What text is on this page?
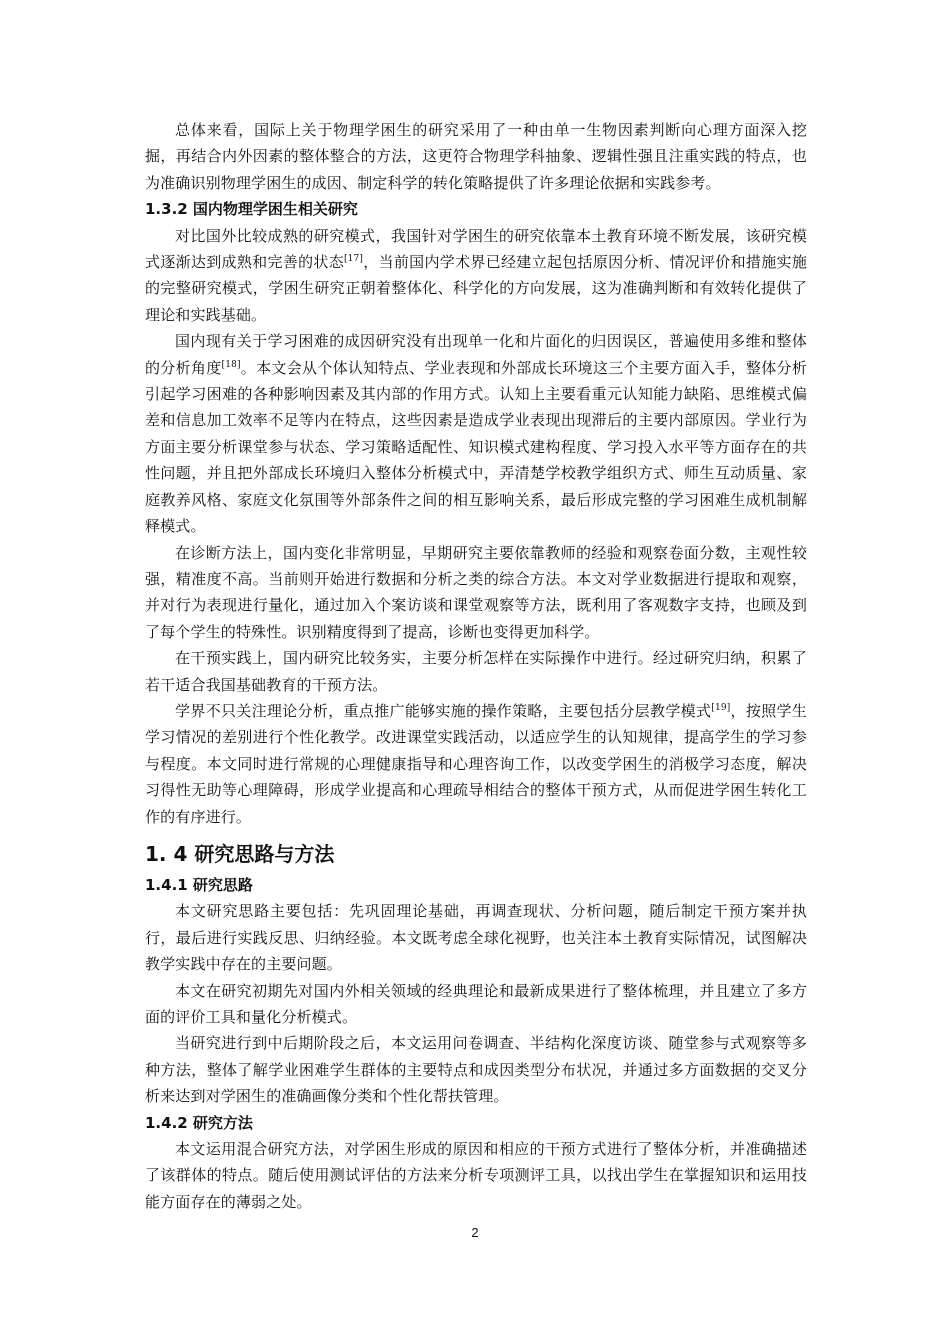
总体来看，国际上关于物理学困生的研究采用了一种由单一生物因素判断向心理方面深入挖掘，再结合内外因素的整体整合的方法，这更符合物理学科抽象、逻辑性强且注重实践的特点，也为准确识别物理学困生的成因、制定科学的转化策略提供了许多理论依据和实践参考。

1.3.2 国内物理学困生相关研究

对比国外比较成熟的研究模式，我国针对学困生的研究依靠本土教育环境不断发展，该研究模式逐渐达到成熟和完善的状态[17]，当前国内学术界已经建立起包括原因分析、情况评价和措施实施的完整研究模式，学困生研究正朝着整体化、科学化的方向发展，这为准确判断和有效转化提供了理论和实践基础。

国内现有关于学习困难的成因研究没有出现单一化和片面化的归因误区，普遍使用多维和整体的分析角度[18]。本文会从个体认知特点、学业表现和外部成长环境这三个主要方面入手，整体分析引起学习困难的各种影响因素及其内部的作用方式。认知上主要看重元认知能力缺陷、思维模式偏差和信息加工效率不足等内在特点，这些因素是造成学业表现出现滞后的主要内部原因。学业行为方面主要分析课堂参与状态、学习策略适配性、知识模式建构程度、学习投入水平等方面存在的共性问题，并且把外部成长环境归入整体分析模式中，弄清楚学校教学组织方式、师生互动质量、家庭教养风格、家庭文化氛围等外部条件之间的相互影响关系，最后形成完整的学习困难生成机制解释模式。

在诊断方法上，国内变化非常明显，早期研究主要依靠教师的经验和观察卷面分数，主观性较强，精准度不高。当前则开始进行数据和分析之类的综合方法。本文对学业数据进行提取和观察，并对行为表现进行量化，通过加入个案访谈和课堂观察等方法，既利用了客观数字支持，也顾及到了每个学生的特殊性。识别精度得到了提高，诊断也变得更加科学。

在干预实践上，国内研究比较务实，主要分析怎样在实际操作中进行。经过研究归纳，积累了若干适合我国基础教育的干预方法。

学界不只关注理论分析，重点推广能够实施的操作策略，主要包括分层教学模式[19]，按照学生学习情况的差别进行个性化教学。改进课堂实践活动，以适应学生的认知规律，提高学生的学习参与程度。本文同时进行常规的心理健康指导和心理咨询工作，以改变学困生的消极学习态度，解决习得性无助等心理障碍，形成学业提高和心理疏导相结合的整体干预方式，从而促进学困生转化工作的有序进行。

1. 4 研究思路与方法
1.4.1 研究思路

本文研究思路主要包括：先巩固理论基础，再调查现状、分析问题，随后制定干预方案并执行，最后进行实践反思、归纳经验。本文既考虑全球化视野，也关注本土教育实际情况，试图解决教学实践中存在的主要问题。

本文在研究初期先对国内外相关领域的经典理论和最新成果进行了整体梳理，并且建立了多方面的评价工具和量化分析模式。

当研究进行到中后期阶段之后，本文运用问卷调查、半结构化深度访谈、随堂参与式观察等多种方法，整体了解学业困难学生群体的主要特点和成因类型分布状况，并通过多方面数据的交叉分析来达到对学困生的准确画像分类和个性化帮扶管理。

1.4.2 研究方法

本文运用混合研究方法，对学困生形成的原因和相应的干预方式进行了整体分析，并准确描述了该群体的特点。随后使用测试评估的方法来分析专项测评工具，以找出学生在掌握知识和运用技能方面存在的薄弱之处。

2
